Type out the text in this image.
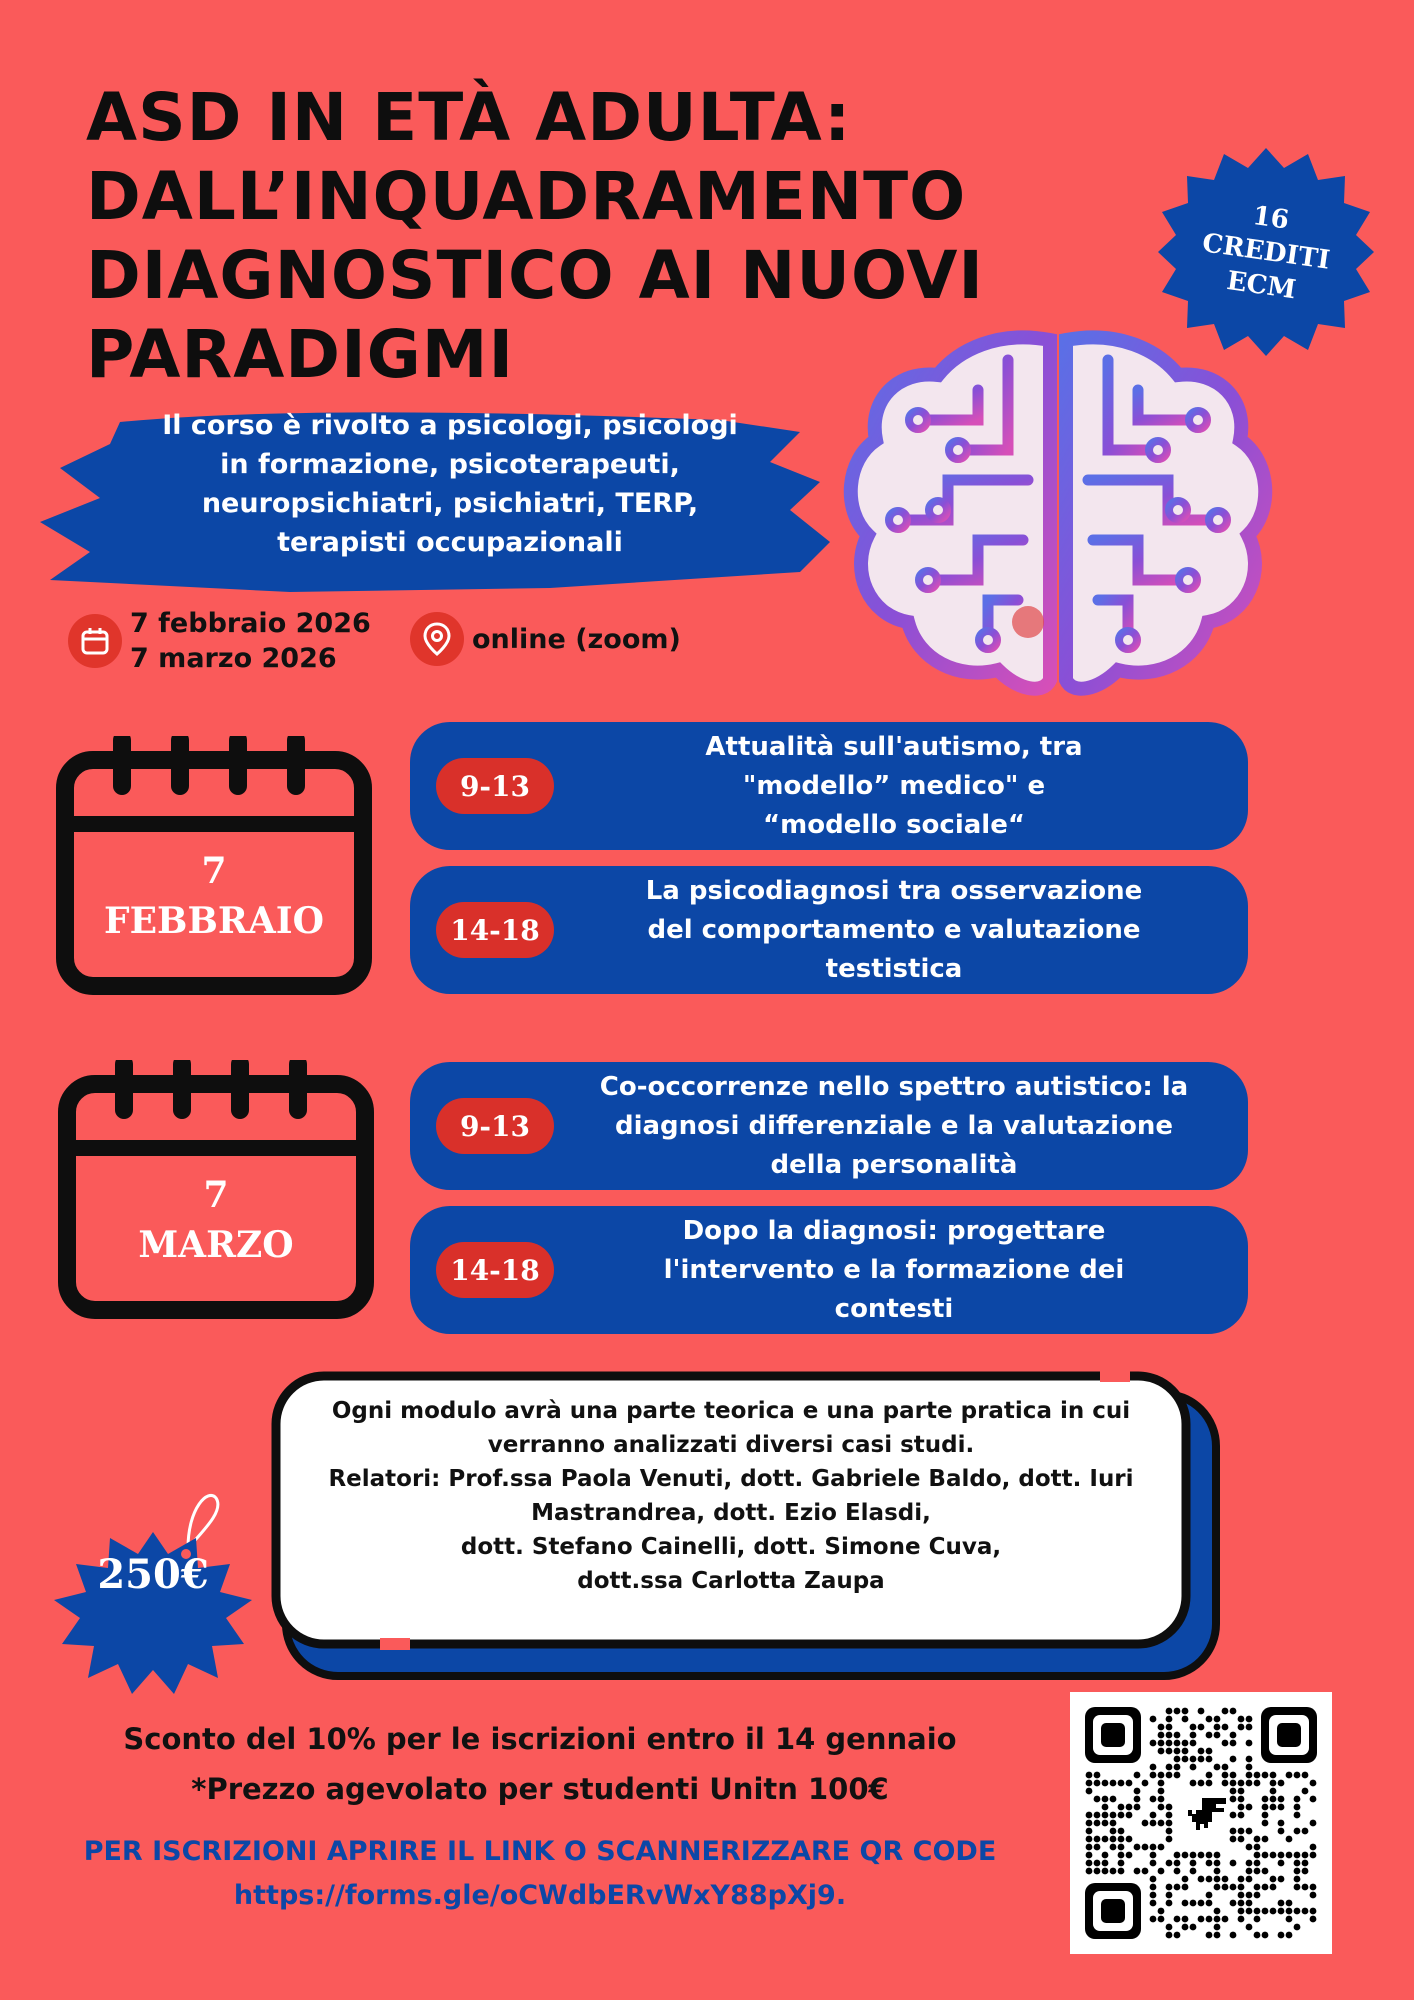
ASD IN ETÀ ADULTA:
DALL’INQUADRAMENTO
DIAGNOSTICO AI NUOVI
PARADIGMI
16
CREDITI
ECM
Il corso è rivolto a psicologi, psicologi
in formazione, psicoterapeuti,
neuropsichiatri, psichiatri, TERP,
terapisti occupazionali
7 febbraio 2026
7 marzo 2026
online (zoom)
7
FEBBRAIO
9-13
Attualità sull'autismo, tra
"modello” medico" e
“modello sociale“
14-18
La psicodiagnosi tra osservazione
del comportamento e valutazione
testistica
7
MARZO
9-13
Co-occorrenze nello spettro autistico: la
diagnosi differenziale e la valutazione
della personalità
14-18
Dopo la diagnosi: progettare
l'intervento e la formazione dei
contesti
Ogni modulo avrà una parte teorica e una parte pratica in cui
verranno analizzati diversi casi studi.
Relatori: Prof.ssa Paola Venuti, dott. Gabriele Baldo, dott. Iuri
Mastrandrea, dott. Ezio Elasdi,
dott. Stefano Cainelli, dott. Simone Cuva,
dott.ssa Carlotta Zaupa
250€
Sconto del 10% per le iscrizioni entro il 14 gennaio
*Prezzo agevolato per studenti Unitn 100€
PER ISCRIZIONI APRIRE IL LINK O SCANNERIZZARE QR CODE
https://forms.gle/oCWdbERvWxY88pXj9.
